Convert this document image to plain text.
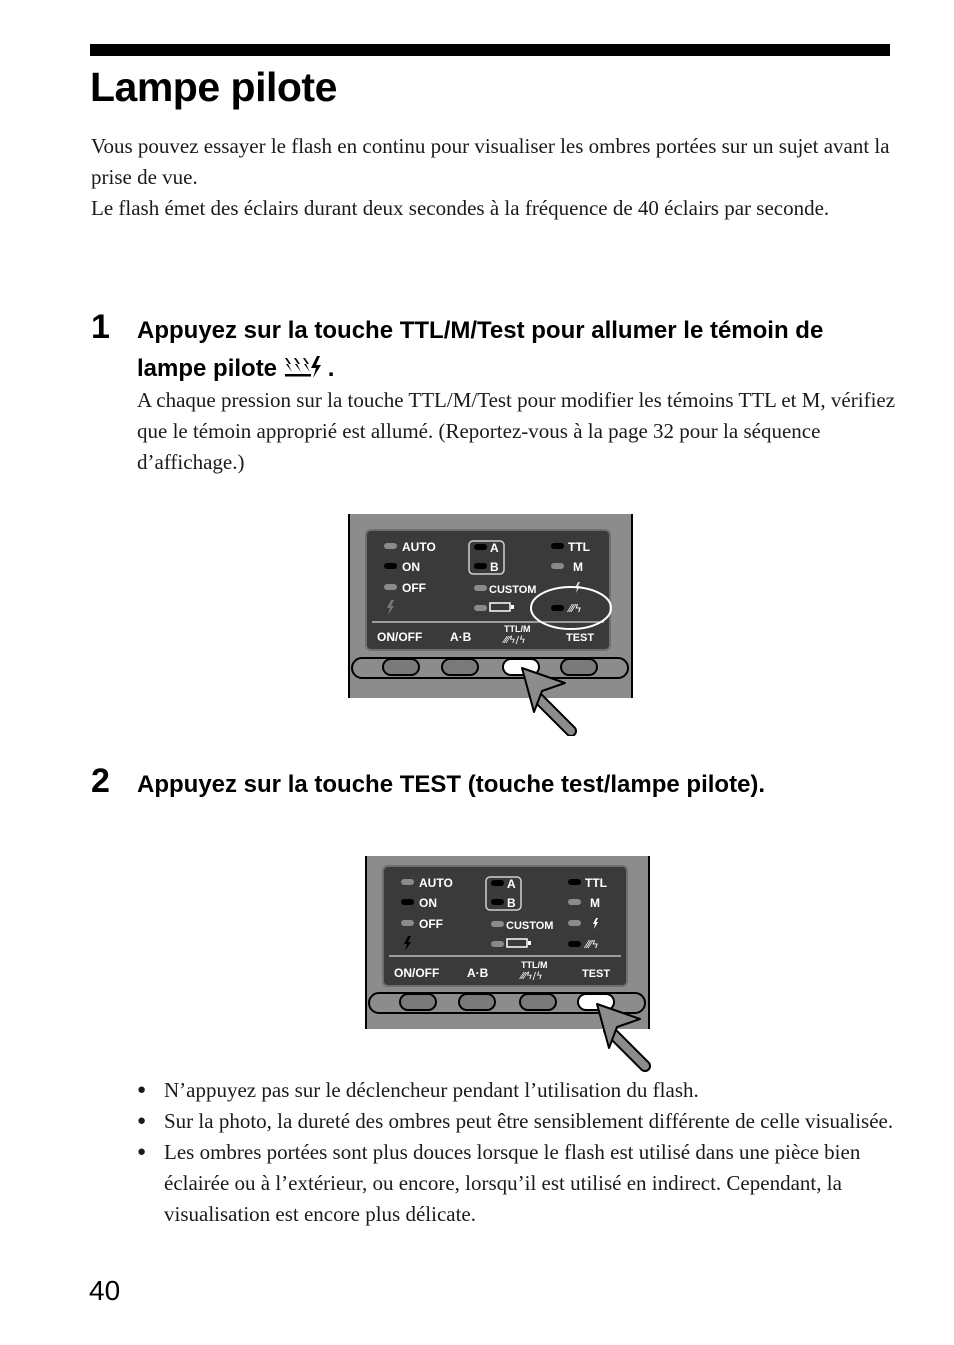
Lampe pilote

Vous pouvez essayer le flash en continu pour visualiser les ombres portées sur un sujet avant la prise de vue.

Le flash émet des éclairs durant deux secondes à la fréquence de 40 éclairs par seconde.

1 Appuyez sur la touche TTL/M/Test pour allumer le témoin de lampe pilote .
A chaque pression sur la touche TTL/M/Test pour modifier les témoins TTL et M, vérifiez que le témoin approprié est allumé. (Reportez-vous à la page 32 pour la séquence d’affichage.)
AUTO
ON
OFF
A
B
CUSTOM
TTL
M
⁄⁄⁄ϟ
ON/OFF A·B
TTL/M
⁄⁄⁄ϟ/ϟ	TEST
2 Appuyez sur la touche TEST (touche test/lampe pilote).
AUTO
ON
OFF
A
B
CUSTOM
TTL
M
⁄⁄⁄ϟ
ON/OFF A·B
TTL/M
⁄⁄⁄ϟ/ϟ	TEST
● N’appuyez pas sur le déclencheur pendant l’utilisation du flash.
● Sur la photo, la dureté des ombres peut être sensiblement différente de celle visualisée.
● Les ombres portées sont plus douces lorsque le flash est utilisé dans une pièce bien éclairée ou à l’extérieur, ou encore, lorsqu’il est utilisé en indirect. Cependant, la visualisation est encore plus délicate.
40
